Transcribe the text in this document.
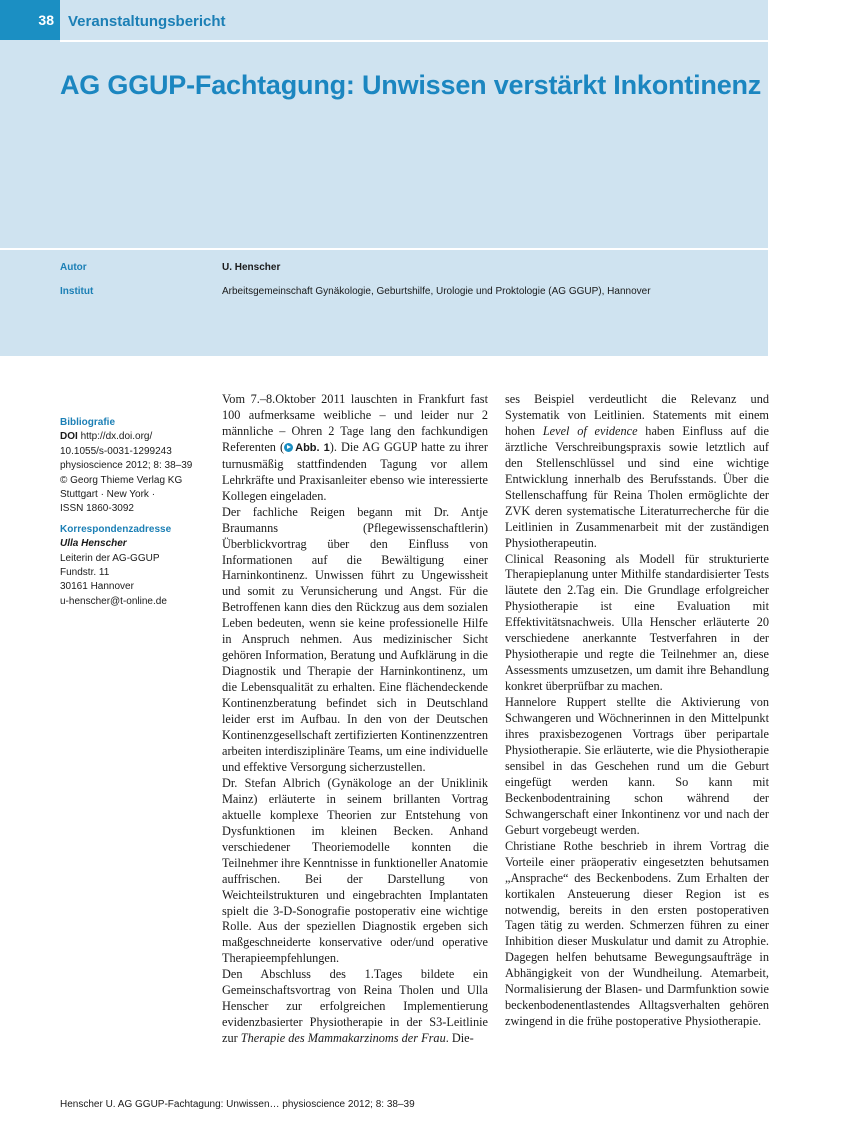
38 Veranstaltungsbericht
AG GGUP-Fachtagung: Unwissen verstärkt Inkontinenz
Autor	U. Henscher
Institut	Arbeitsgemeinschaft Gynäkologie, Geburtshilfe, Urologie und Proktologie (AG GGUP), Hannover
Bibliografie
DOI http://dx.doi.org/
10.1055/s-0031-1299243
physioscience 2012; 8: 38–39
© Georg Thieme Verlag KG
Stuttgart · New York ·
ISSN 1860-3092
Korrespondenzadresse
Ulla Henscher
Leiterin der AG-GGUP
Fundstr. 11
30161 Hannover
u-henscher@t-online.de

Vom 7.–8.Oktober 2011 lauschten in Frankfurt fast 100 aufmerksame weibliche – und leider nur 2 männliche – Ohren 2 Tage lang den fachkundigen Referenten ( Abb. 1). Die AG GGUP hatte zu ihrer turnusmäßig stattfindenden Tagung vor allem Lehrkräfte und Praxisanleiter ebenso wie interessierte Kollegen eingeladen.

Der fachliche Reigen begann mit Dr. Antje Braumanns (Pflegewissenschaftlerin) Überblickvortrag über den Einfluss von Informationen auf die Bewältigung einer Harninkontinenz. Unwissen führt zu Ungewissheit und somit zu Verunsicherung und Angst. Für die Betroffenen kann dies den Rückzug aus dem sozialen Leben bedeuten, wenn sie keine professionelle Hilfe in Anspruch nehmen. Aus medizinischer Sicht gehören Information, Beratung und Aufklärung in die Diagnostik und Therapie der Harninkontinenz, um die Lebensqualität zu erhalten. Eine flächendeckende Kontinenzberatung befindet sich in Deutschland leider erst im Aufbau. In den von der Deutschen Kontinenzgesellschaft zertifizierten Kontinenzzentren arbeiten interdisziplinäre Teams, um eine individuelle und effektive Versorgung sicherzustellen.

Dr. Stefan Albrich (Gynäkologe an der Uniklinik Mainz) erläuterte in seinem brillanten Vortrag aktuelle komplexe Theorien zur Entstehung von Dysfunktionen im kleinen Becken. Anhand verschiedener Theoriemodelle konnten die Teilnehmer ihre Kenntnisse in funktioneller Anatomie auffrischen. Bei der Darstellung von Weichteilstrukturen und eingebrachten Implantaten spielt die 3-D-Sonografie postoperativ eine wichtige Rolle. Aus der speziellen Diagnostik ergeben sich maßgeschneiderte konservative oder/und operative Therapieempfehlungen.

Den Abschluss des 1.Tages bildete ein Gemeinschaftsvortrag von Reina Tholen und Ulla Henscher zur erfolgreichen Implementierung evidenzbasierter Physiotherapie in der S3-Leitlinie zur Therapie des Mammakarzinoms der Frau. Die-

ses Beispiel verdeutlicht die Relevanz und Systematik von Leitlinien. Statements mit einem hohen Level of evidence haben Einfluss auf die ärztliche Verschreibungspraxis sowie letztlich auf den Stellenschlüssel und sind eine wichtige Entwicklung innerhalb des Berufsstands. Über die Stellenschaffung für Reina Tholen ermöglichte der ZVK deren systematische Literaturrecherche für die Leitlinien in Zusammenarbeit mit der zuständigen Physiotherapeutin.

Clinical Reasoning als Modell für strukturierte Therapieplanung unter Mithilfe standardisierter Tests läutete den 2.Tag ein. Die Grundlage erfolgreicher Physiotherapie ist eine Evaluation mit Effektivitätsnachweis. Ulla Henscher erläuterte 20 verschiedene anerkannte Testverfahren in der Physiotherapie und regte die Teilnehmer an, diese Assessments umzusetzen, um damit ihre Behandlung konkret überprüfbar zu machen.

Hannelore Ruppert stellte die Aktivierung von Schwangeren und Wöchnerinnen in den Mittelpunkt ihres praxisbezogenen Vortrags über peripartale Physiotherapie. Sie erläuterte, wie die Physiotherapie sensibel in das Geschehen rund um die Geburt eingefügt werden kann. So kann mit Beckenbodentraining schon während der Schwangerschaft einer Inkontinenz vor und nach der Geburt vorgebeugt werden.

Christiane Rothe beschrieb in ihrem Vortrag die Vorteile einer präoperativ eingesetzten behutsamen „Ansprache“ des Beckenbodens. Zum Erhalten der kortikalen Ansteuerung dieser Region ist es notwendig, bereits in den ersten postoperativen Tagen tätig zu werden. Schmerzen führen zu einer Inhibition dieser Muskulatur und damit zu Atrophie. Dagegen helfen behutsame Bewegungsaufträge in Abhängigkeit von der Wundheilung. Atemarbeit, Normalisierung der Blasen- und Darmfunktion sowie beckenbodenentlastendes Alltagsverhalten gehören zwingend in die frühe postoperative Physiotherapie.

Henscher U. AG GGUP-Fachtagung: Unwissen… physioscience 2012; 8: 38–39
